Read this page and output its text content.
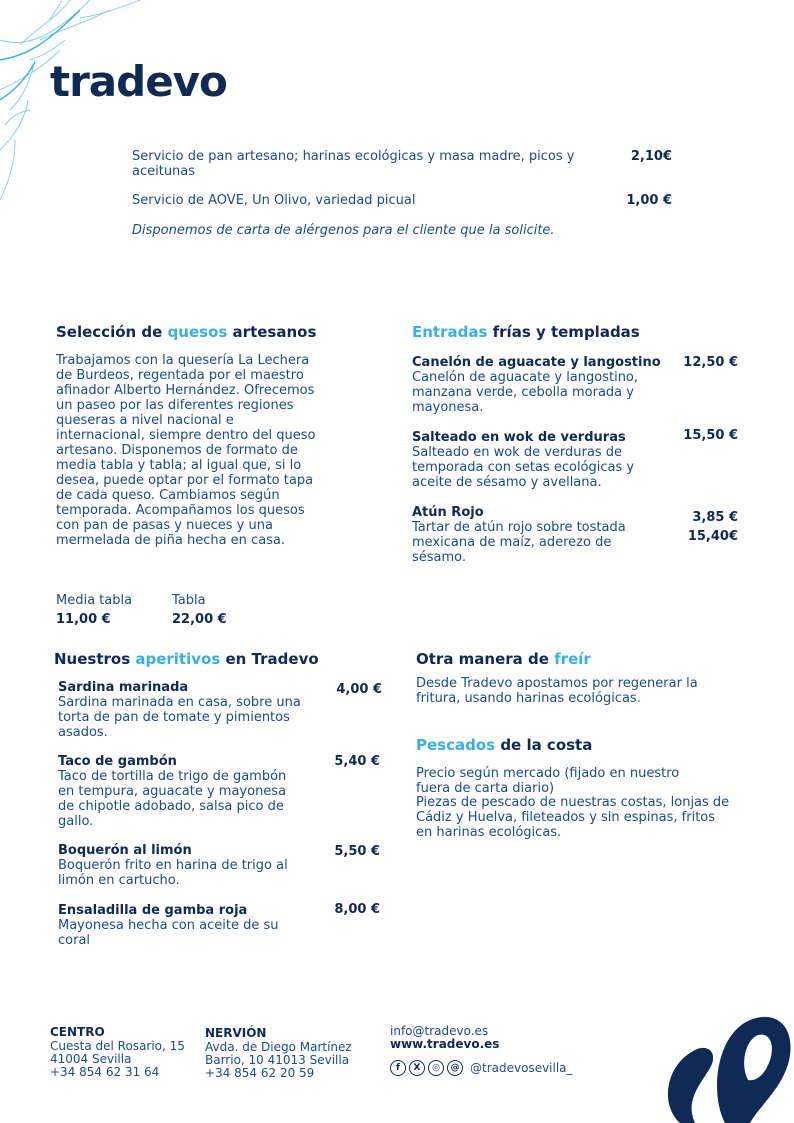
tradevo
Servicio de pan artesano; harinas ecológicas y masa madre, picos y aceitunas
2,10€
Servicio de AOVE, Un Olivo, variedad picual	1,00 €
Disponemos de carta de alérgenos para el cliente que la solicite.
Selección de quesos artesanos
Trabajamos con la quesería La Lechera de Burdeos, regentada por el maestro afinador Alberto Hernández. Ofrecemos un paseo por las diferentes regiones queseras a nivel nacional e internacional, siempre dentro del queso artesano. Disponemos de formato de media tabla y tabla; al igual que, si lo desea, puede optar por el formato tapa de cada queso. Cambiamos según temporada. Acompañamos los quesos con pan de pasas y nueces y una mermelada de piña hecha en casa.
Media tabla
11,00 €
Tabla
22,00 €
Entradas frías y templadas
Canelón de aguacate y langostino
Canelón de aguacate y langostino, manzana verde, cebolla morada y mayonesa.
12,50 €
Salteado en wok de verduras
Salteado en wok de verduras de temporada con setas ecológicas y aceite de sésamo y avellana.
15,50 €
Atún Rojo
Tartar de atún rojo sobre tostada mexicana de maíz, aderezo de sésamo.
3,85 €
15,40€
Nuestros aperitivos en Tradevo
Sardina marinada
Sardina marinada en casa, sobre una torta de pan de tomate y pimientos asados.
4,00 €
Taco de gambón
Taco de tortilla de trigo de gambón en tempura, aguacate y mayonesa de chipotle adobado, salsa pico de gallo.
5,40 €
Boquerón al limón
Boquerón frito en harina de trigo al limón en cartucho.
5,50 €
Ensaladilla de gamba roja
Mayonesa hecha con aceite de su coral
8,00 €
Otra manera de freír
Desde Tradevo apostamos por regenerar la fritura, usando harinas ecológicas.
Pescados de la costa
Precio según mercado (fijado en nuestro fuera de carta diario)
Piezas de pescado de nuestras costas, lonjas de Cádiz y Huelva, fileteados y sin espinas, fritos en harinas ecológicas.
CENTRO
Cuesta del Rosario, 15
41004 Sevilla
+34 854 62 31 64
NERVIÓN
Avda. de Diego Martínez
Barrio, 10 41013 Sevilla
+34 854 62 20 59
info@tradevo.es
www.tradevo.es
f	X	◎	@ @tradevosevilla_
